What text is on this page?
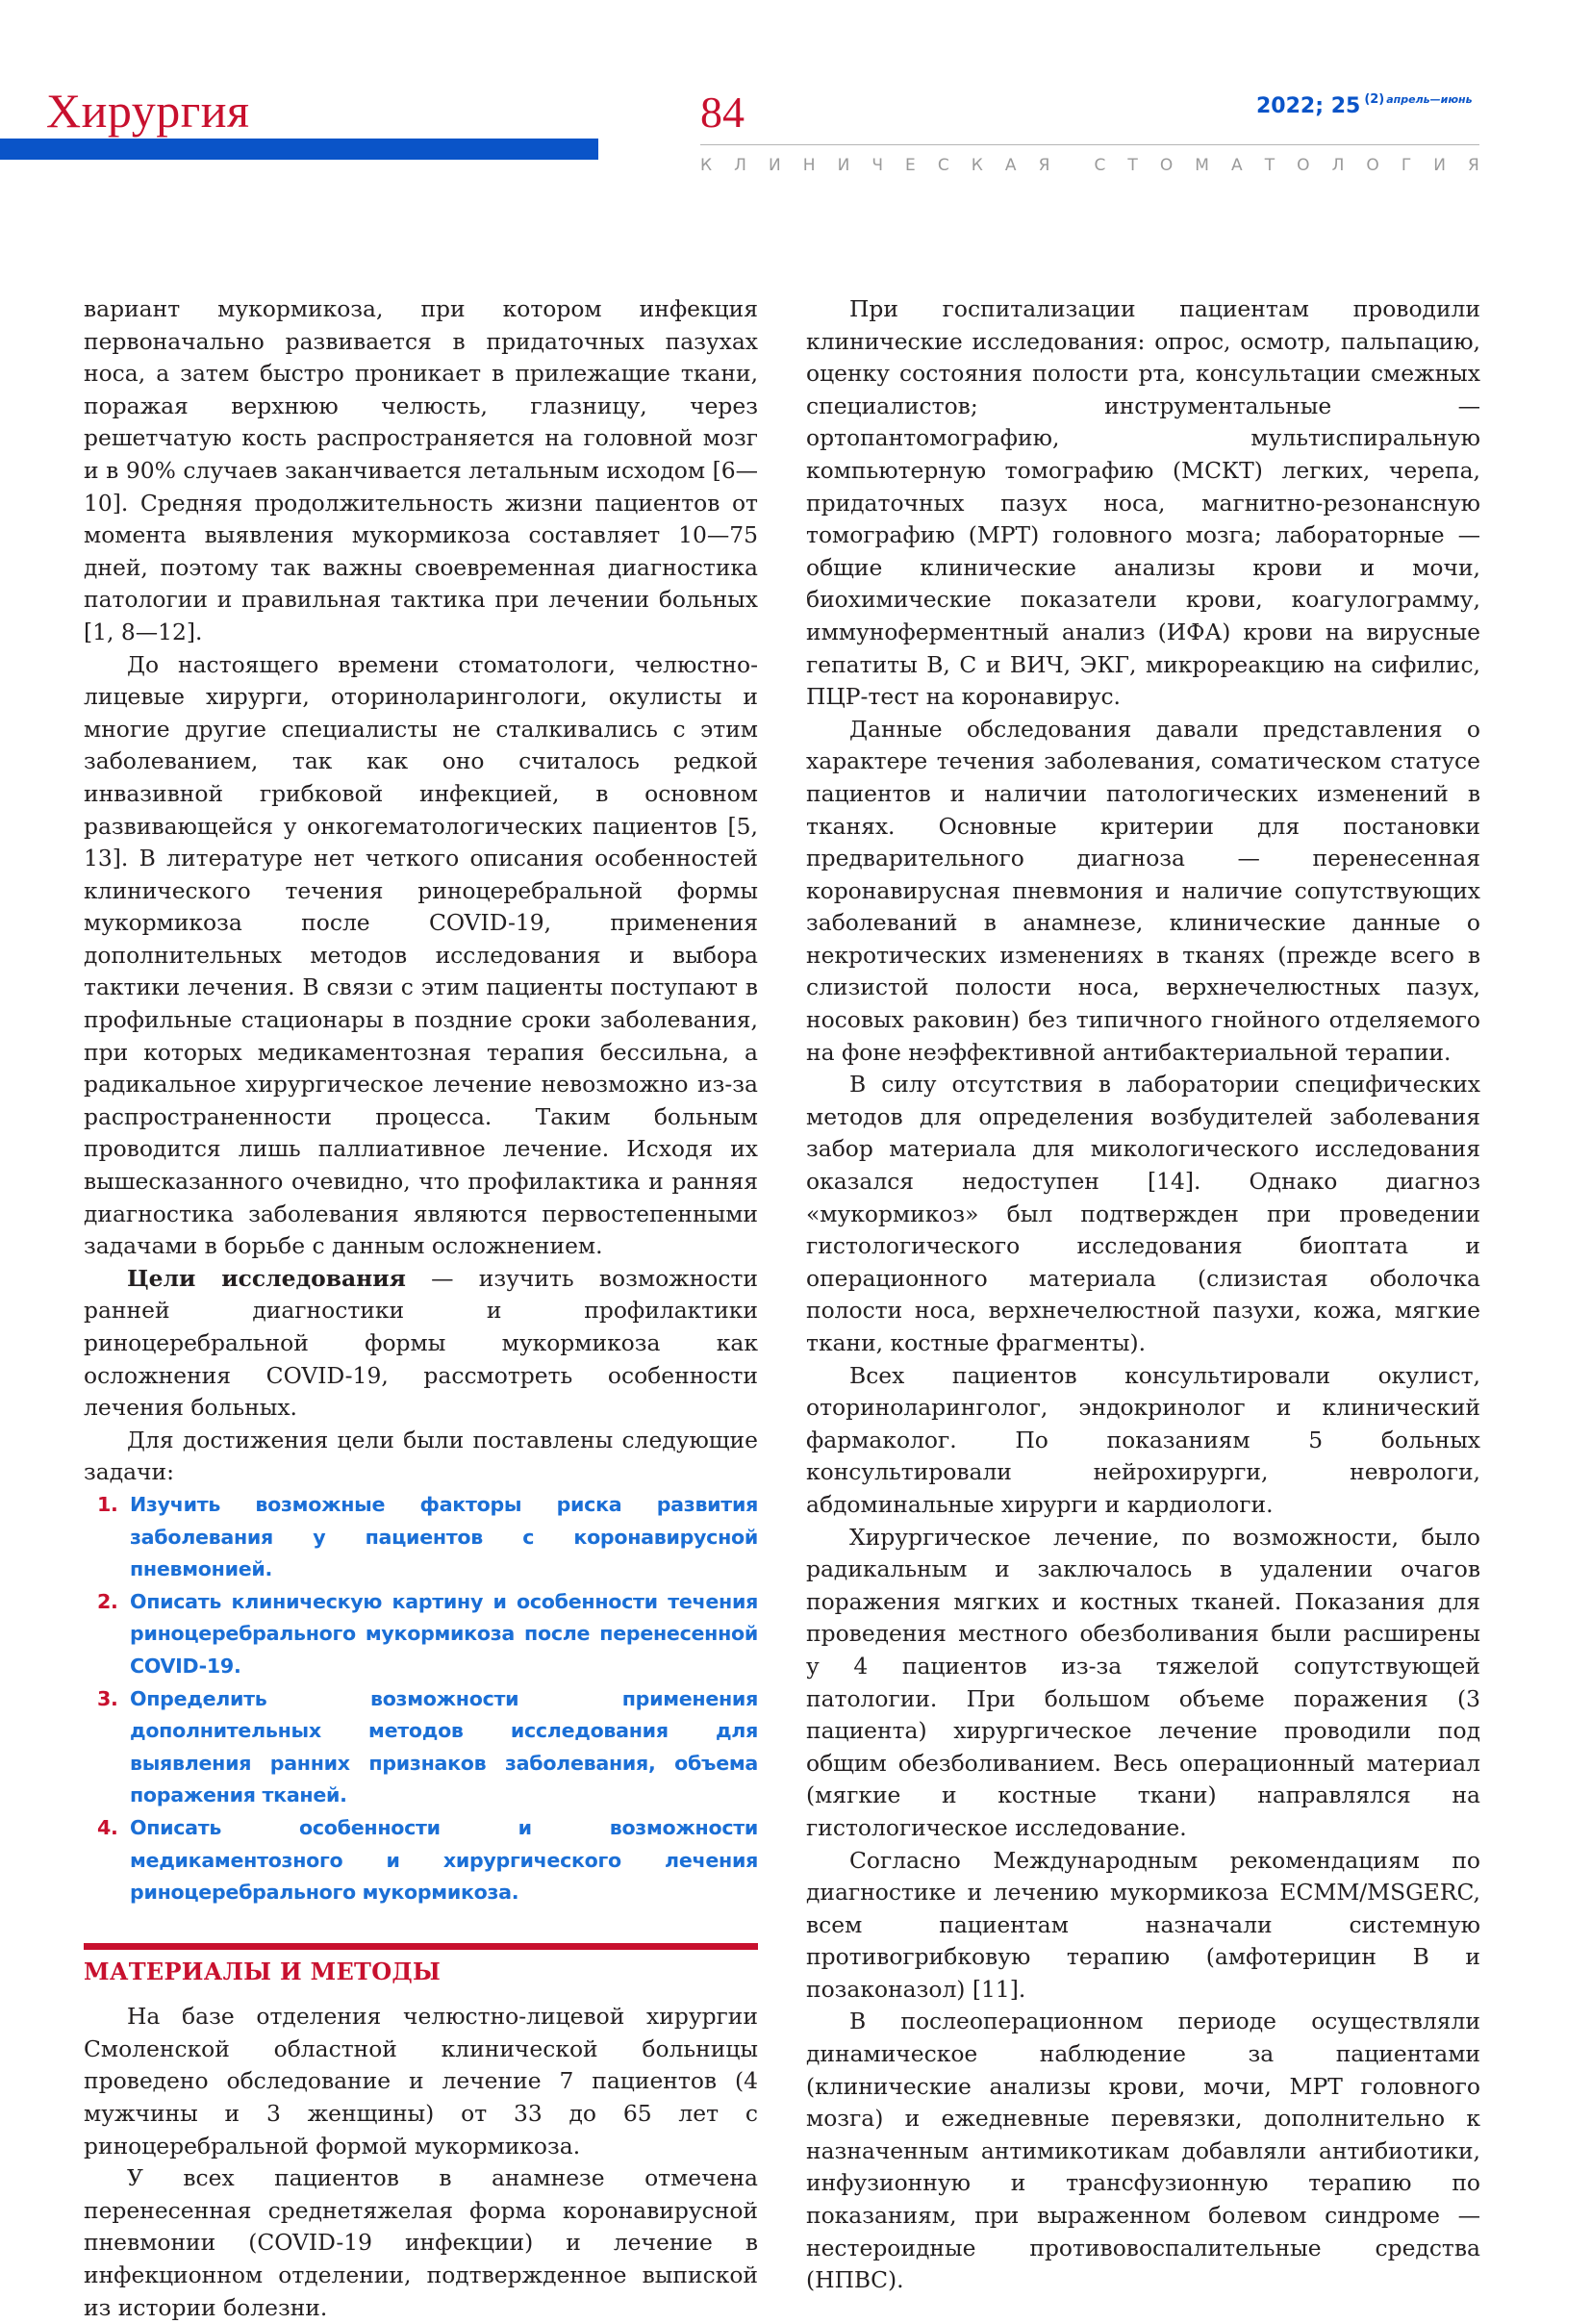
Хирургия	84	2022; 25 $^{(2)}$ $^{апрель—июнь}$
К Л И Н И Ч Е С К А Я	С Т О М А Т О Л О Г И Я

вариант мукормикоза, при котором инфекция первоначально развивается в придаточных пазухах носа, а затем быстро проникает в прилежащие ткани, поражая верхнюю челюсть, глазницу, через решетчатую кость распространяется на головной мозг и в 90% случаев заканчивается летальным исходом [6—10]. Средняя продолжительность жизни пациентов от момента выявления мукормикоза составляет 10—75 дней, поэтому так важны своевременная диагностика патологии и правильная тактика при лечении больных [1, 8—12].

До настоящего времени стоматологи, челюстно-лицевые хирурги, оториноларингологи, окулисты и многие другие специалисты не сталкивались с этим заболеванием, так как оно считалось редкой инвазивной грибковой инфекцией, в основном развивающейся у онкогематологических пациентов [5, 13]. В литературе нет четкого описания особенностей клинического течения риноцеребральной формы мукормикоза после COVID-19, применения дополнительных методов исследования и выбора тактики лечения. В связи с этим пациенты поступают в профильные стационары в поздние сроки заболевания, при которых медикаментозная терапия бессильна, а радикальное хирургическое лечение невозможно из-за распространенности процесса. Таким больным проводится лишь паллиативное лечение. Исходя их вышесказанного очевидно, что профилактика и ранняя диагностика заболевания являются первостепенными задачами в борьбе с данным осложнением.

Цели исследования — изучить возможности ранней диагностики и профилактики риноцеребральной формы мукормикоза как осложнения COVID-19, рассмотреть особенности лечения больных.

Для достижения цели были поставлены следующие задачи:

1. Изучить возможные факторы риска развития заболевания у пациентов с коронавирусной пневмонией.
2. Описать клиническую картину и особенности течения риноцеребрального мукормикоза после перенесенной COVID-19.
3. Определить возможности применения дополнительных методов исследования для выявления ранних признаков заболевания, объема поражения тканей.
4. Описать особенности и возможности медикаментозного и хирургического лечения риноцеребрального мукормикоза.
МАТЕРИАЛЫ И МЕТОДЫ

На базе отделения челюстно-лицевой хирургии Смоленской областной клинической больницы проведено обследование и лечение 7 пациентов (4 мужчины и 3 женщины) от 33 до 65 лет с риноцеребральной формой мукормикоза.

У всех пациентов в анамнезе отмечена перенесенная среднетяжелая форма коронавирусной пневмонии (COVID-19 инфекции) и лечение в инфекционном отделении, подтвержденное выпиской из истории болезни.

При госпитализации пациентам проводили клинические исследования: опрос, осмотр, пальпацию, оценку состояния полости рта, консультации смежных специалистов; инструментальные — ортопантомографию, мультиспиральную компьютерную томографию (МСКТ) легких, черепа, придаточных пазух носа, магнитно-резонансную томографию (МРТ) головного мозга; лабораторные — общие клинические анализы крови и мочи, биохимические показатели крови, коагулограмму, иммуноферментный анализ (ИФА) крови на вирусные гепатиты B, C и ВИЧ, ЭКГ, микрореакцию на сифилис, ПЦР-тест на коронавирус.

Данные обследования давали представления о характере течения заболевания, соматическом статусе пациентов и наличии патологических изменений в тканях. Основные критерии для постановки предварительного диагноза — перенесенная коронавирусная пневмония и наличие сопутствующих заболеваний в анамнезе, клинические данные о некротических изменениях в тканях (прежде всего в слизистой полости носа, верхнечелюстных пазух, носовых раковин) без типичного гнойного отделяемого на фоне неэффективной антибактериальной терапии.

В силу отсутствия в лаборатории специфических методов для определения возбудителей заболевания забор материала для микологического исследования оказался недоступен [14]. Однако диагноз «мукормикоз» был подтвержден при проведении гистологического исследования биоптата и операционного материала (слизистая оболочка полости носа, верхнечелюстной пазухи, кожа, мягкие ткани, костные фрагменты).

Всех пациентов консультировали окулист, оториноларинголог, эндокринолог и клинический фармаколог. По показаниям 5 больных консультировали нейрохирурги, неврологи, абдоминальные хирурги и кардиологи.

Хирургическое лечение, по возможности, было радикальным и заключалось в удалении очагов поражения мягких и костных тканей. Показания для проведения местного обезболивания были расширены у 4 пациентов из-за тяжелой сопутствующей патологии. При большом объеме поражения (3 пациента) хирургическое лечение проводили под общим обезболиванием. Весь операционный материал (мягкие и костные ткани) направлялся на гистологическое исследование.

Согласно Международным рекомендациям по диагностике и лечению мукормикоза ECMM/MSGERC, всем пациентам назначали системную противогрибковую терапию (амфотерицин B и позаконазол) [11].

В послеоперационном периоде осуществляли динамическое наблюдение за пациентами (клинические анализы крови, мочи, МРТ головного мозга) и ежедневные перевязки, дополнительно к назначенным антимикотикам добавляли антибиотики, инфузионную и трансфузионную терапию по показаниям, при выраженном болевом синдроме — нестероидные противовоспалительные средства (НПВС).
